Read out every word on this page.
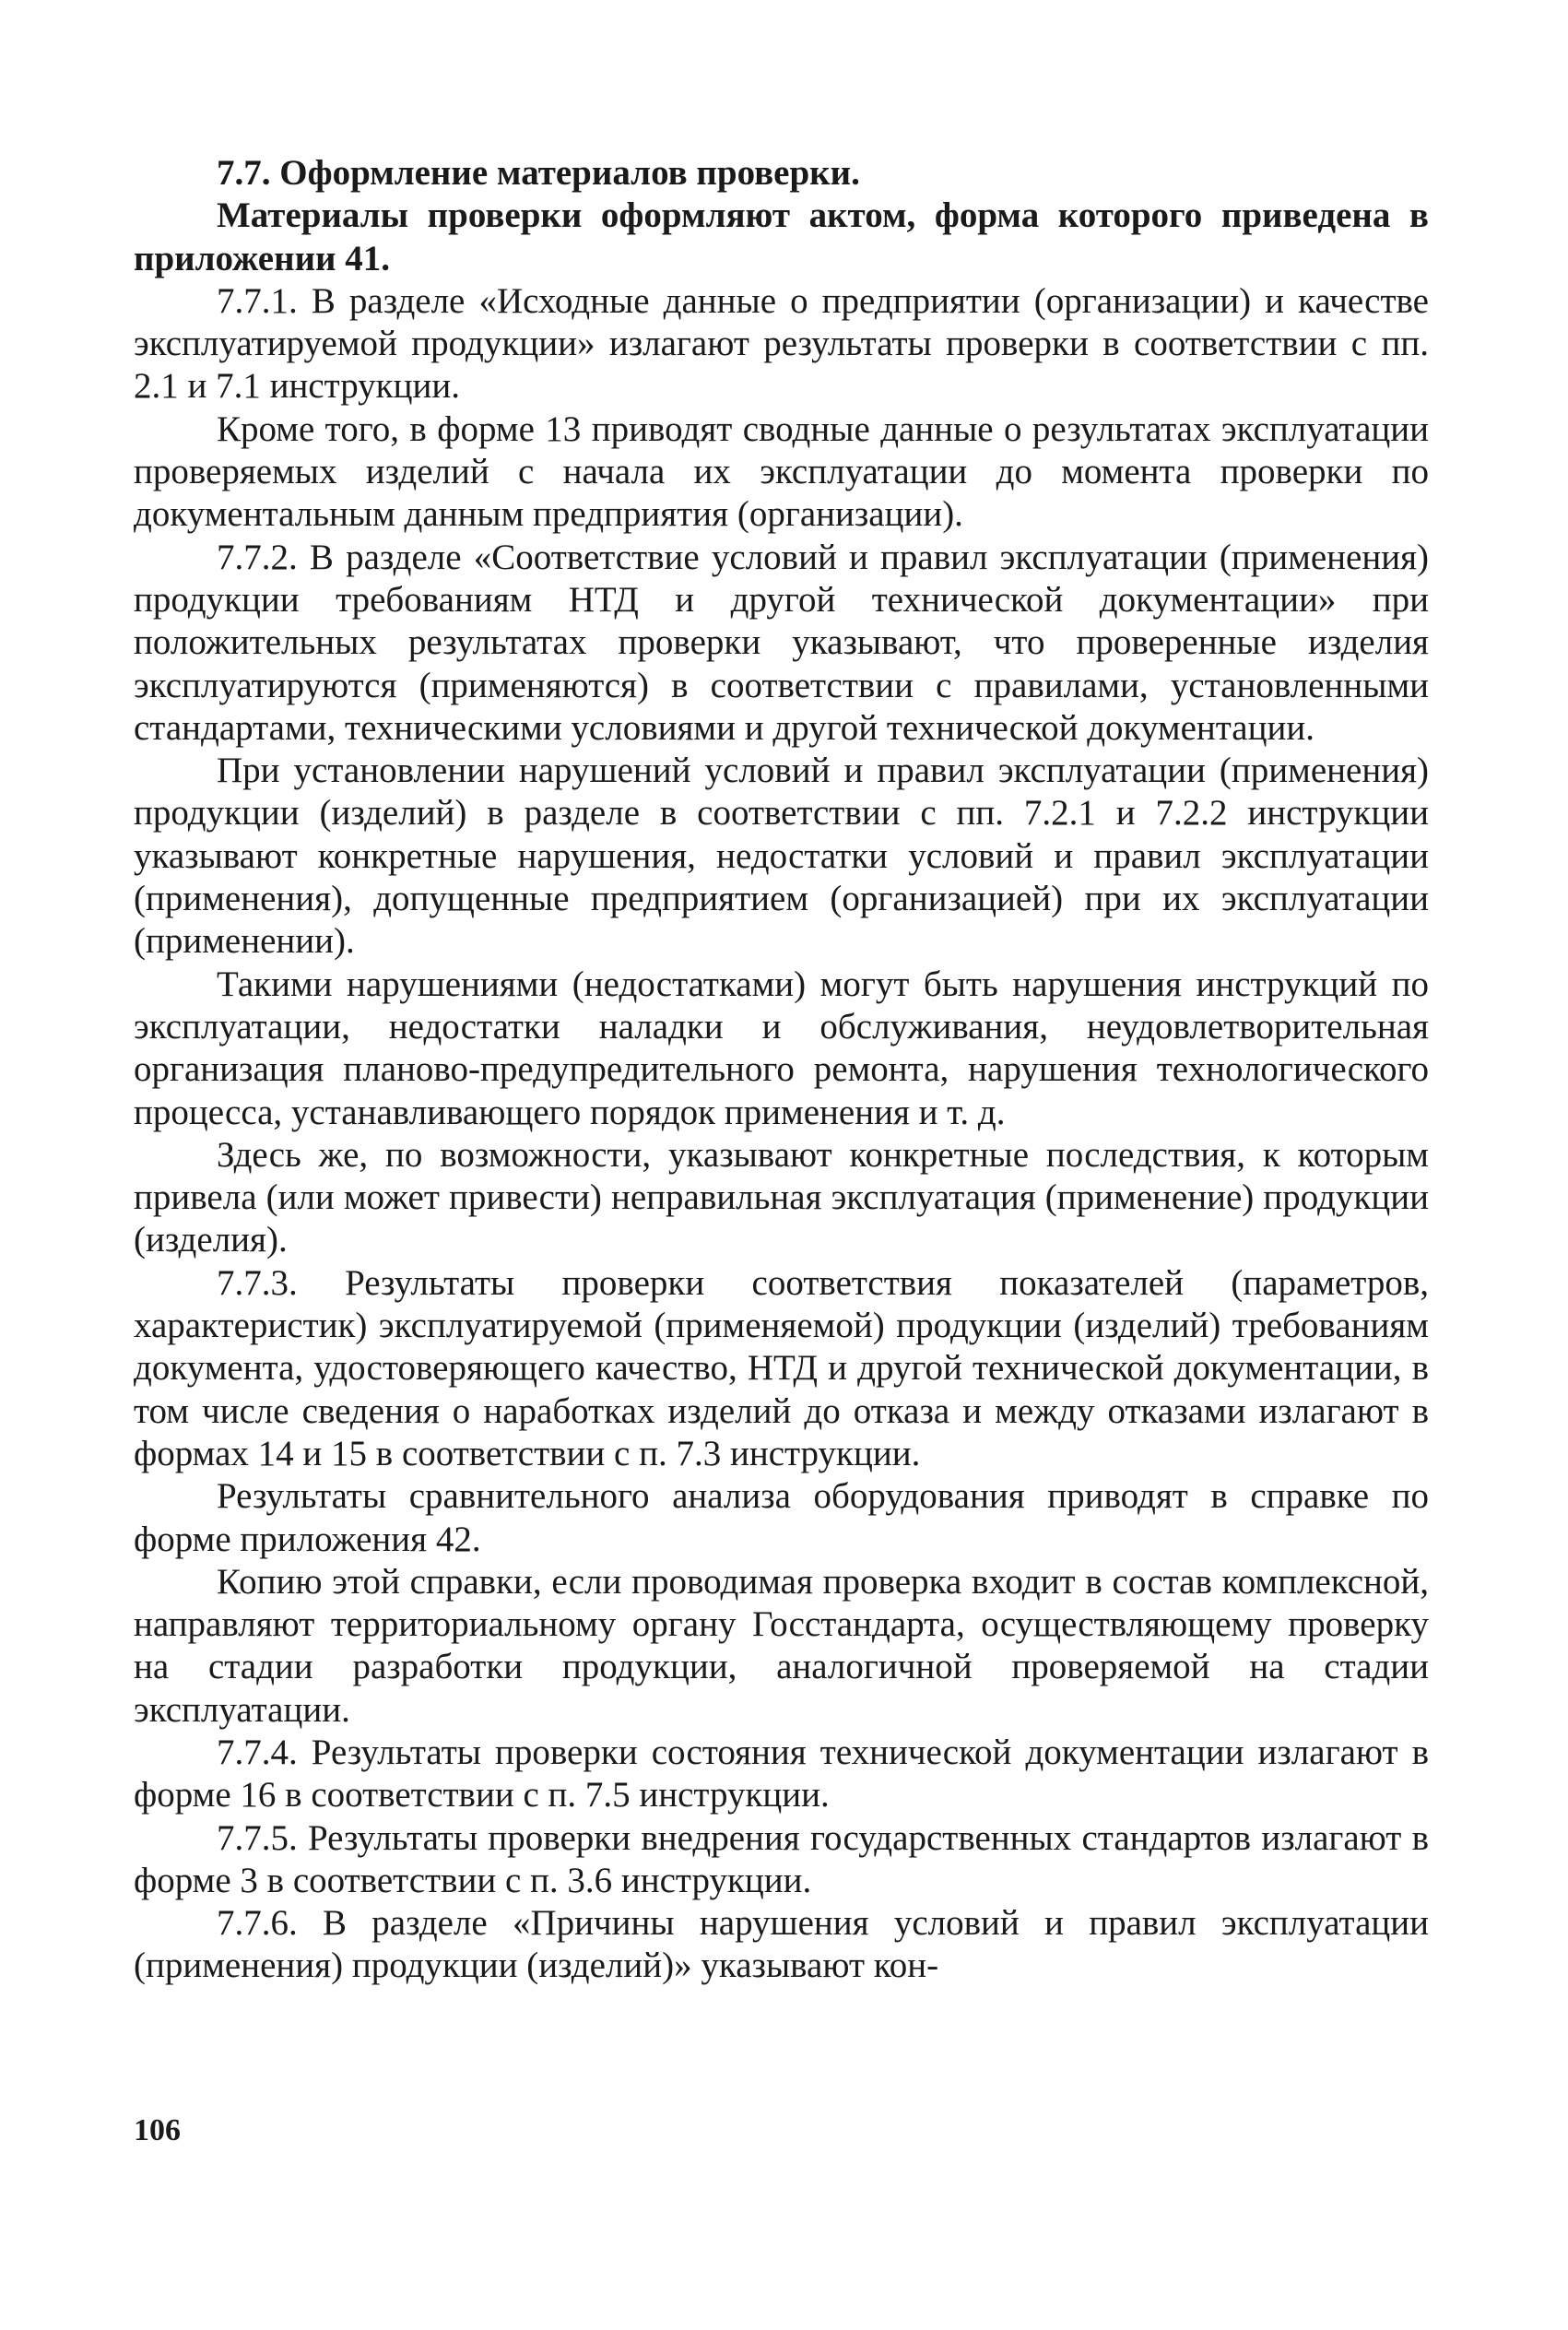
7.7. Оформление материалов проверки.

Материалы проверки оформляют актом, форма которого приведена в приложении 41.

7.7.1. В разделе «Исходные данные о предприятии (организации) и качестве эксплуатируемой продукции» излагают результаты проверки в соответствии с пп. 2.1 и 7.1 инструкции.

Кроме того, в форме 13 приводят сводные данные о результатах эксплуатации проверяемых изделий с начала их эксплуатации до момента проверки по документальным данным предприятия (организации).

7.7.2. В разделе «Соответствие условий и правил эксплуатации (применения) продукции требованиям НТД и другой технической документации» при положительных результатах проверки указывают, что проверенные изделия эксплуатируются (применяются) в соответствии с правилами, установленными стандартами, техническими условиями и другой технической документации.

При установлении нарушений условий и правил эксплуатации (применения) продукции (изделий) в разделе в соответствии с пп. 7.2.1 и 7.2.2 инструкции указывают конкретные нарушения, недостатки условий и правил эксплуатации (применения), допущенные предприятием (организацией) при их эксплуатации (применении).

Такими нарушениями (недостатками) могут быть нарушения инструкций по эксплуатации, недостатки наладки и обслуживания, неудовлетворительная организация планово-предупредительного ремонта, нарушения технологического процесса, устанавливающего порядок применения и т. д.

Здесь же, по возможности, указывают конкретные последствия, к которым привела (или может привести) неправильная эксплуатация (применение) продукции (изделия).

7.7.3. Результаты проверки соответствия показателей (параметров, характеристик) эксплуатируемой (применяемой) продукции (изделий) требованиям документа, удостоверяющего качество, НТД и другой технической документации, в том числе сведения о наработках изделий до отказа и между отказами излагают в формах 14 и 15 в соответствии с п. 7.3 инструкции.

Результаты сравнительного анализа оборудования приводят в справке по форме приложения 42.

Копию этой справки, если проводимая проверка входит в состав комплексной, направляют территориальному органу Госстандарта, осуществляющему проверку на стадии разработки продукции, аналогичной проверяемой на стадии эксплуатации.

7.7.4. Результаты проверки состояния технической документации излагают в форме 16 в соответствии с п. 7.5 инструкции.

7.7.5. Результаты проверки внедрения государственных стандартов излагают в форме 3 в соответствии с п. 3.6 инструкции.

7.7.6. В разделе «Причины нарушения условий и правил эксплуатации (применения) продукции (изделий)» указывают кон-

106
